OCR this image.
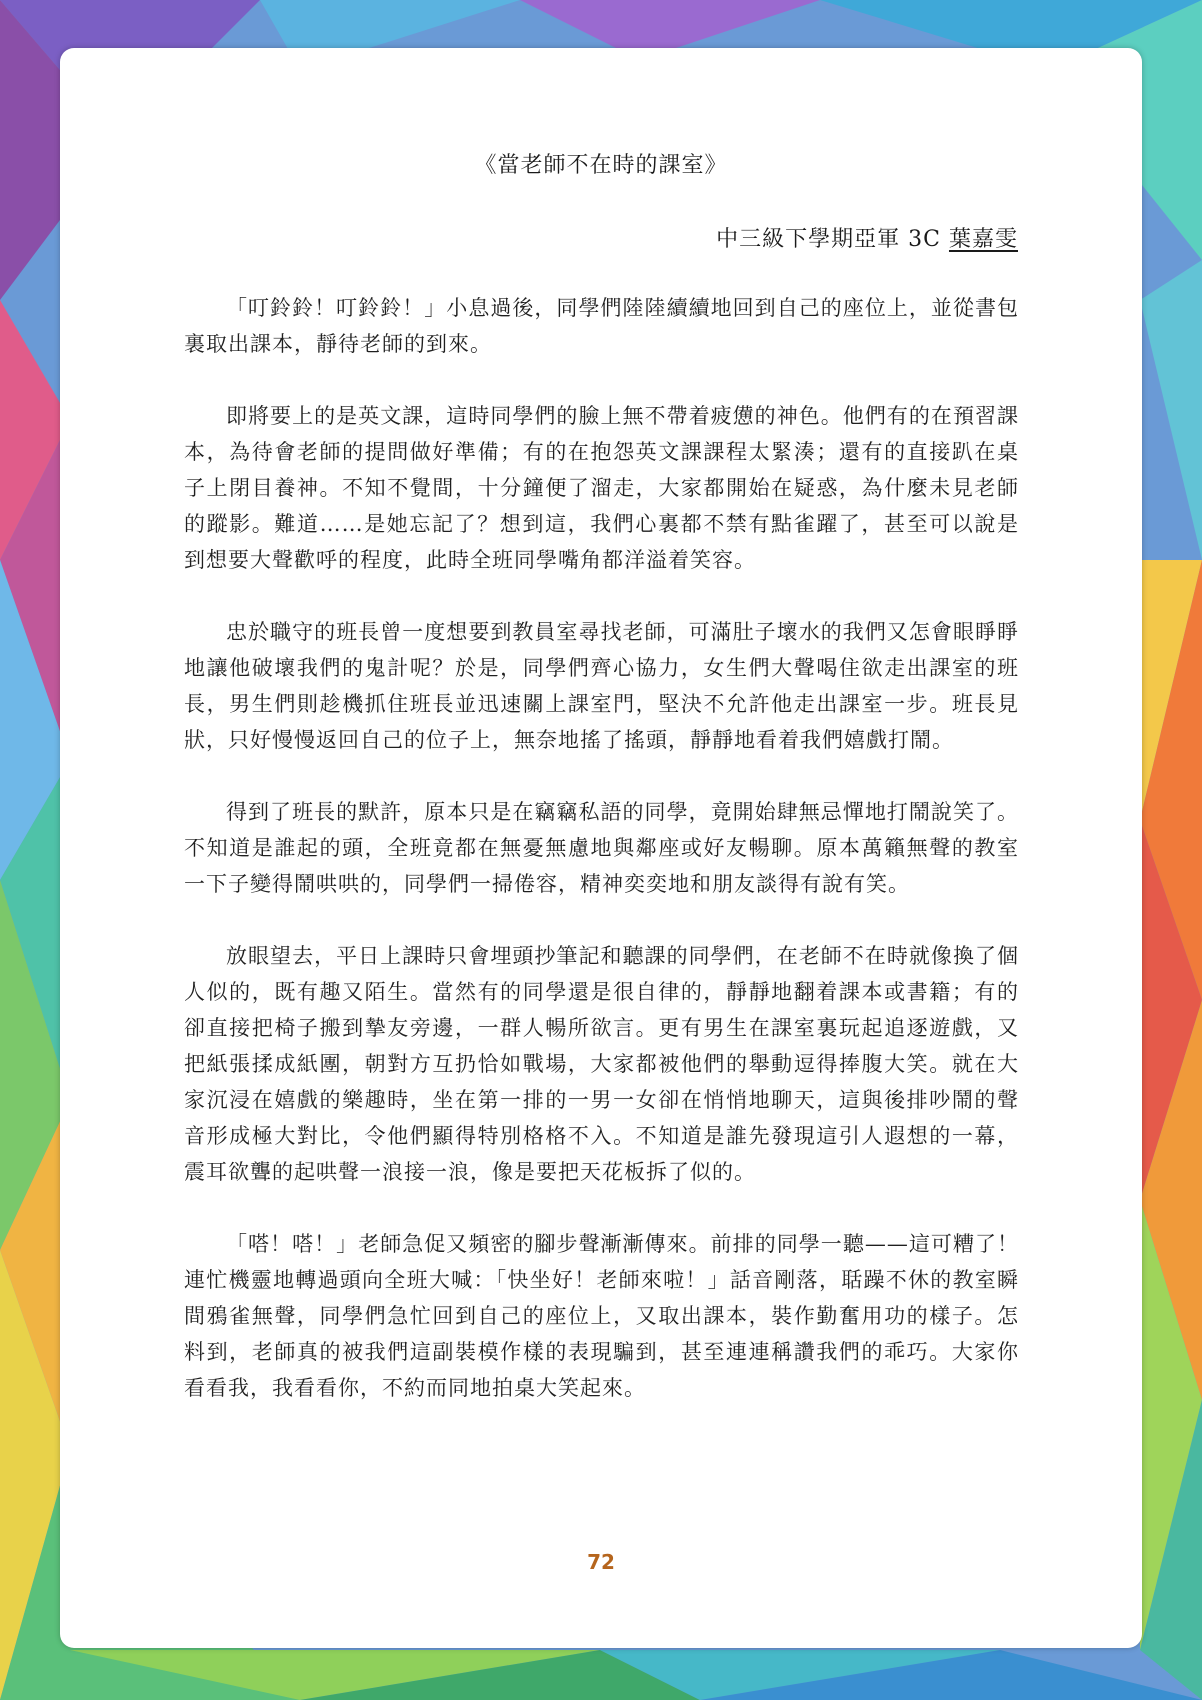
《當老師不在時的課室》
中三級下學期亞軍 3C 葉嘉雯

「叮鈴鈴！叮鈴鈴！」小息過後，同學們陸陸續續地回到自己的座位上，並從書包裏取出課本，靜待老師的到來。

即將要上的是英文課，這時同學們的臉上無不帶着疲憊的神色。他們有的在預習課本，為待會老師的提問做好準備；有的在抱怨英文課課程太緊湊；還有的直接趴在桌子上閉目養神。不知不覺間，十分鐘便了溜走，大家都開始在疑惑，為什麼未見老師的蹤影。難道……是她忘記了？想到這，我們心裏都不禁有點雀躍了，甚至可以說是到想要大聲歡呼的程度，此時全班同學嘴角都洋溢着笑容。

忠於職守的班長曾一度想要到教員室尋找老師，可滿肚子壞水的我們又怎會眼睜睜地讓他破壞我們的鬼計呢？於是，同學們齊心協力，女生們大聲喝住欲走出課室的班長，男生們則趁機抓住班長並迅速關上課室門，堅決不允許他走出課室一步。班長見狀，只好慢慢返回自己的位子上，無奈地搖了搖頭，靜靜地看着我們嬉戲打鬧。

得到了班長的默許，原本只是在竊竊私語的同學，竟開始肆無忌憚地打鬧說笑了。不知道是誰起的頭，全班竟都在無憂無慮地與鄰座或好友暢聊。原本萬籟無聲的教室一下子變得鬧哄哄的，同學們一掃倦容，精神奕奕地和朋友談得有說有笑。

放眼望去，平日上課時只會埋頭抄筆記和聽課的同學們，在老師不在時就像換了個人似的，既有趣又陌生。當然有的同學還是很自律的，靜靜地翻着課本或書籍；有的卻直接把椅子搬到摯友旁邊，一群人暢所欲言。更有男生在課室裏玩起追逐遊戲，又把紙張揉成紙團，朝對方互扔恰如戰場，大家都被他們的舉動逗得捧腹大笑。就在大家沉浸在嬉戲的樂趣時，坐在第一排的一男一女卻在悄悄地聊天，這與後排吵鬧的聲音形成極大對比，令他們顯得特別格格不入。不知道是誰先發現這引人遐想的一幕，震耳欲聾的起哄聲一浪接一浪，像是要把天花板拆了似的。

「嗒！嗒！」老師急促又頻密的腳步聲漸漸傳來。前排的同學一聽——這可糟了！連忙機靈地轉過頭向全班大喊：「快坐好！老師來啦！」話音剛落，聒躁不休的教室瞬間鴉雀無聲，同學們急忙回到自己的座位上，又取出課本，裝作勤奮用功的樣子。怎料到，老師真的被我們這副裝模作樣的表現騙到，甚至連連稱讚我們的乖巧。大家你看看我，我看看你，不約而同地拍桌大笑起來。

72
